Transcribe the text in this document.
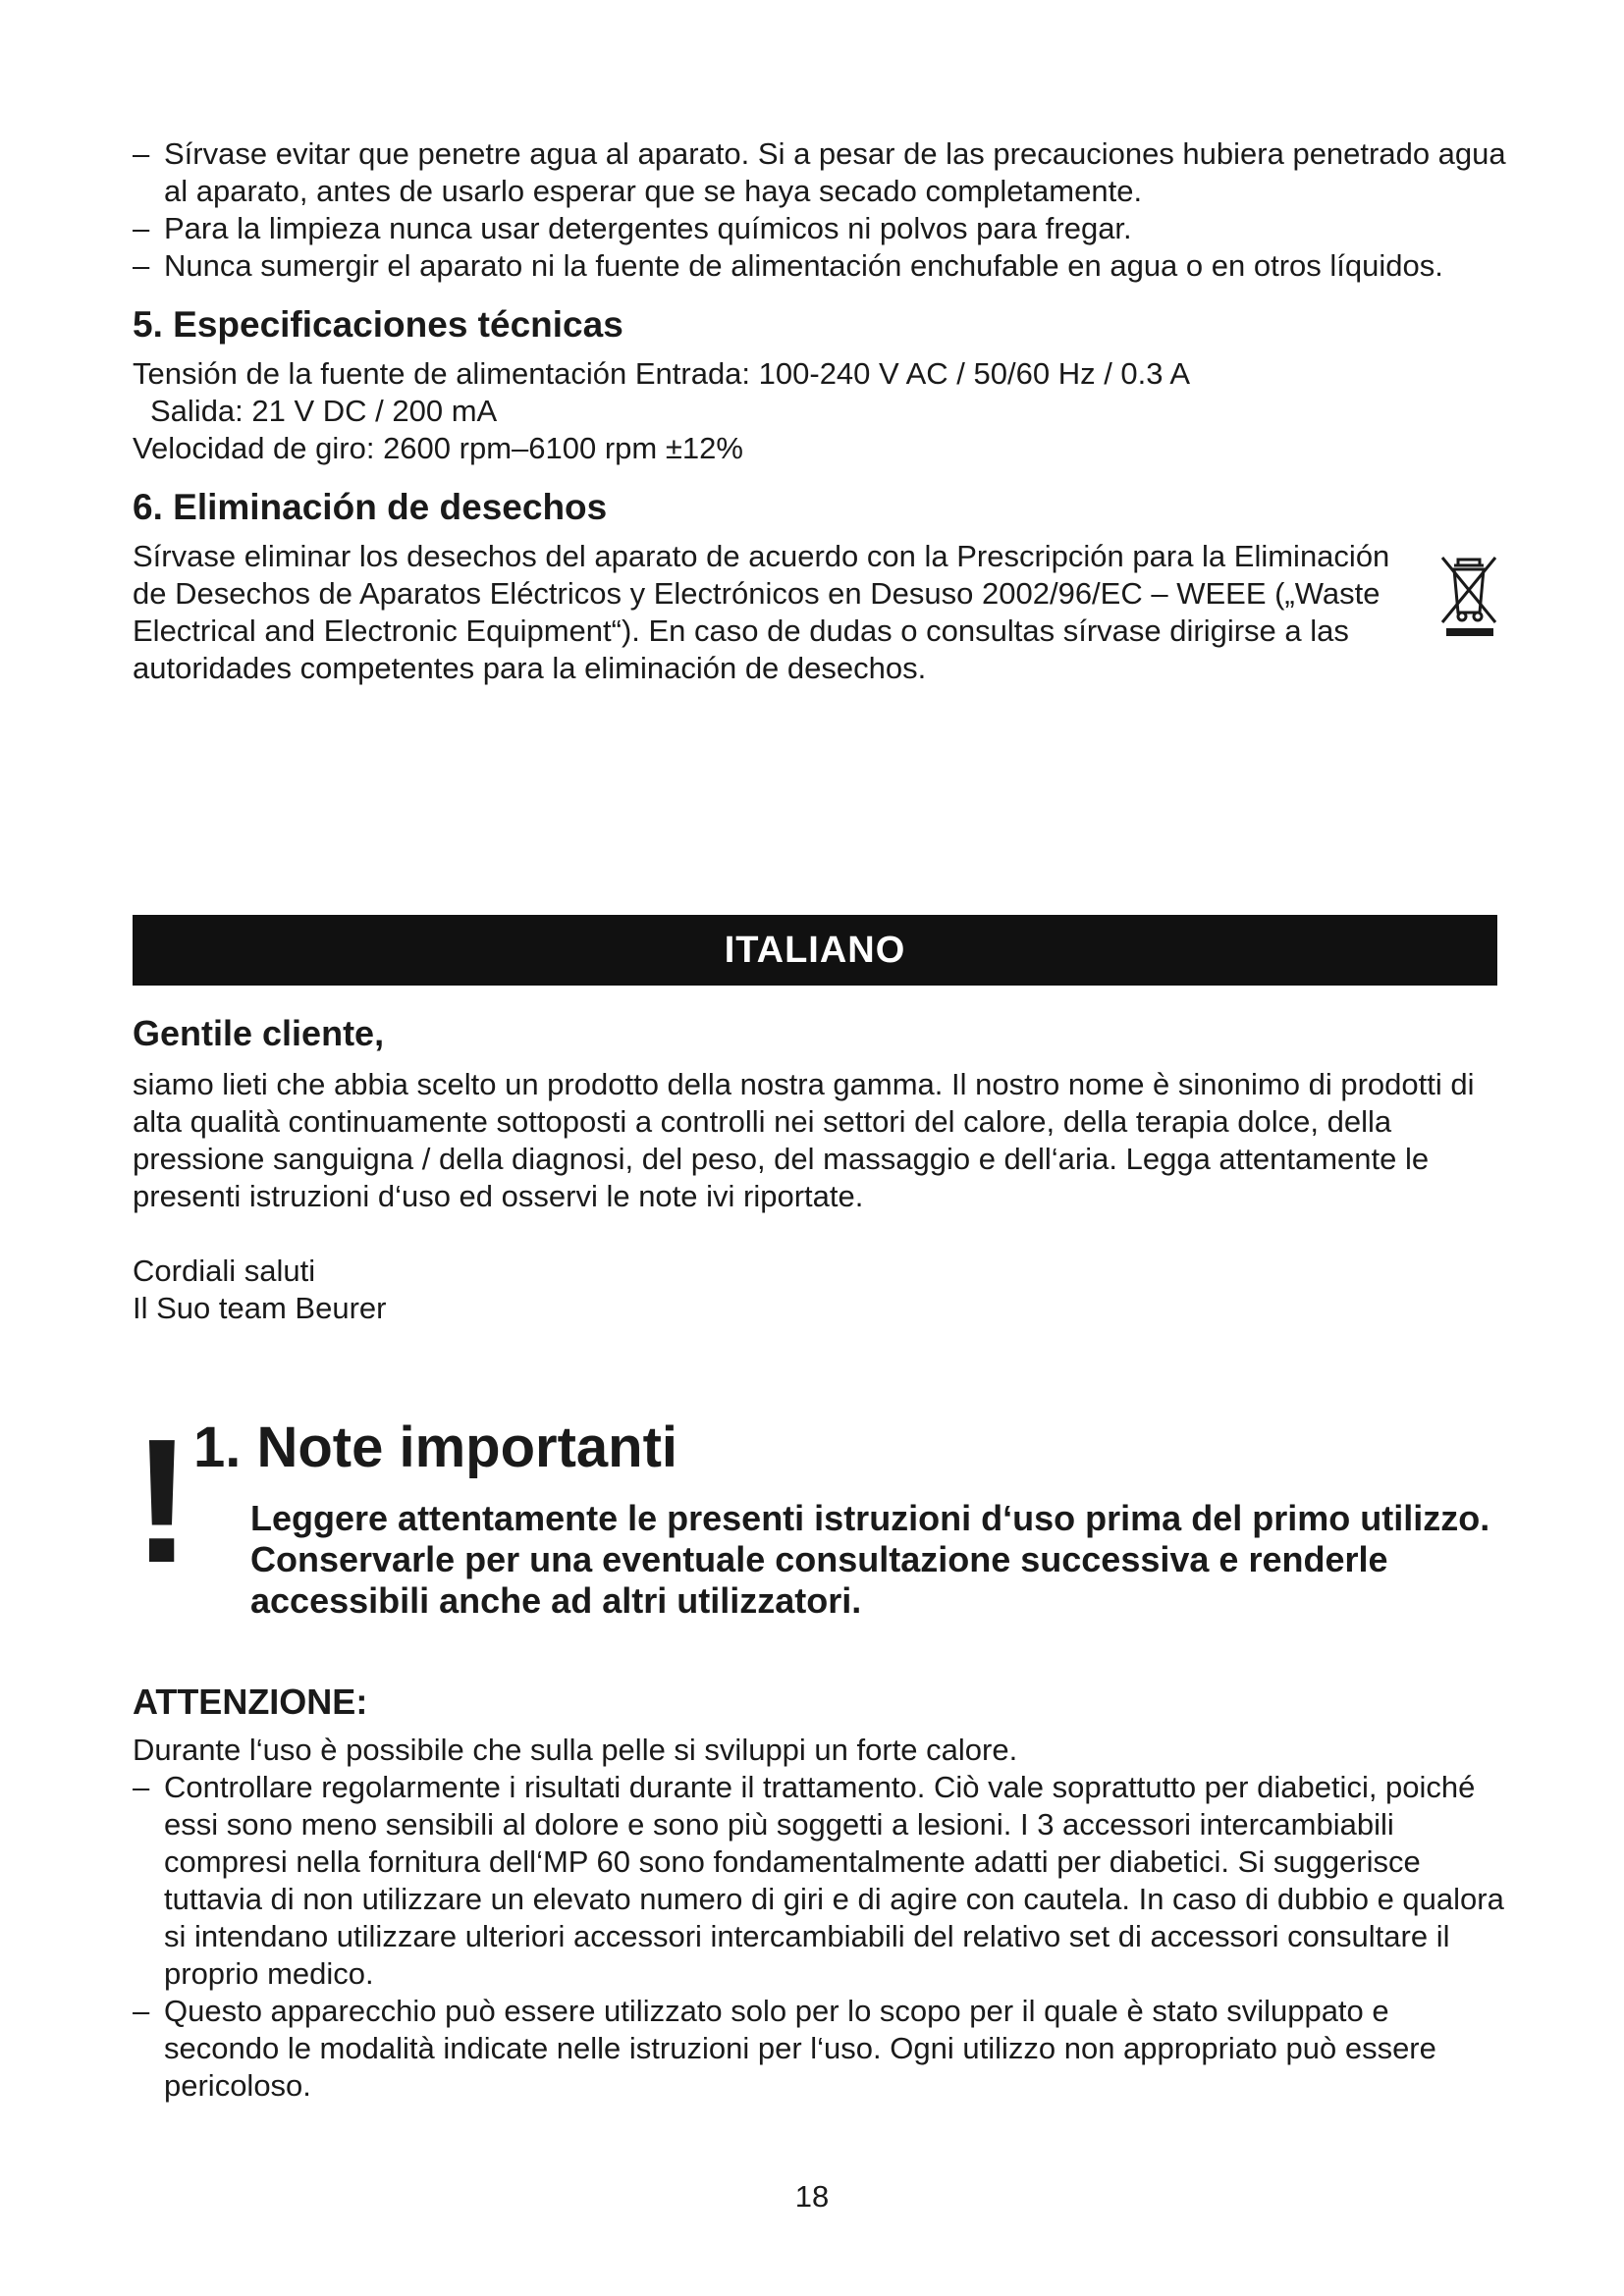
– Sírvase evitar que penetre agua al aparato. Si a pesar de las precauciones hubiera penetrado agua al aparato, antes de usarlo esperar que se haya secado completamente.
– Para la limpieza nunca usar detergentes químicos ni polvos para fregar.
– Nunca sumergir el aparato ni la fuente de alimentación enchufable en agua o en otros líquidos.
5. Especificaciones técnicas
Tensión de la fuente de alimentación Entrada: 100-240 V AC / 50/60 Hz / 0.3 A
Salida: 21 V DC / 200 mA
Velocidad de giro: 2600 rpm–6100 rpm ±12%
6. Eliminación de desechos

Sírvase eliminar los desechos del aparato de acuerdo con la Prescripción para la Eliminación de Desechos de Aparatos Eléctricos y Electrónicos en Desuso 2002/96/EC – WEEE („Waste Electrical and Electronic Equipment“). En caso de dudas o consultas sírvase dirigirse a las autoridades competentes para la eliminación de desechos.

ITALIANO
Gentile cliente,

siamo lieti che abbia scelto un prodotto della nostra gamma. Il nostro nome è sinonimo di prodotti di alta qualità continuamente sottoposti a controlli nei settori del calore, della terapia dolce, della pressione sanguigna / della diagnosi, del peso, del massaggio e dell‘aria. Legga attentamente le presenti istruzioni d‘uso ed osservi le note ivi riportate.

Cordiali saluti
Il Suo team Beurer
! 1. Note importanti

Leggere attentamente le presenti istruzioni d‘uso prima del primo utilizzo. Conservarle per una eventuale consultazione successiva e renderle accessibili anche ad altri utilizzatori.

ATTENZIONE:

Durante l‘uso è possibile che sulla pelle si sviluppi un forte calore.

– Controllare regolarmente i risultati durante il trattamento. Ciò vale soprattutto per diabetici, poiché essi sono meno sensibili al dolore e sono più soggetti a lesioni. I 3 accessori intercambiabili compresi nella fornitura dell‘MP 60 sono fondamentalmente adatti per diabetici. Si suggerisce tuttavia di non utilizzare un elevato numero di giri e di agire con cautela. In caso di dubbio e qualora si intendano utilizzare ulteriori accessori intercambiabili del relativo set di accessori consultare il proprio medico.
– Questo apparecchio può essere utilizzato solo per lo scopo per il quale è stato sviluppato e secondo le modalità indicate nelle istruzioni per l‘uso. Ogni utilizzo non appropriato può essere pericoloso.
18
